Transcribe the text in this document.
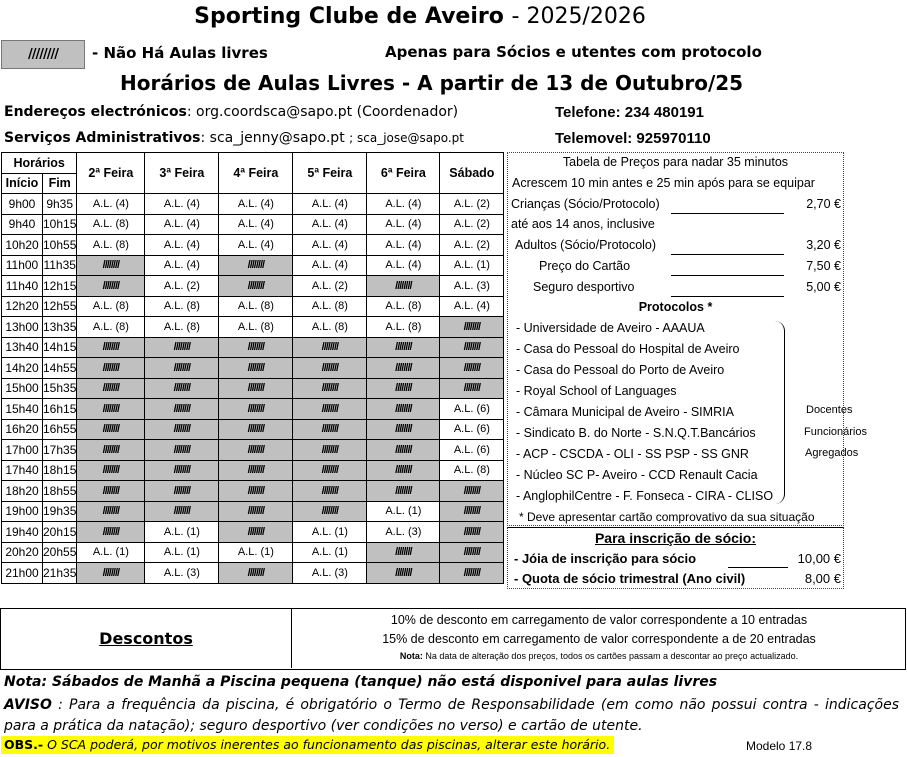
Sporting Clube de Aveiro - 2025/2026
////////	- Não Há Aulas livres	Apenas para Sócios e utentes com protocolo
Horários de Aulas Livres - A partir de 13 de Outubro/25
Endereços electrónicos: org.coordsca@sapo.pt (Coordenador)	Telefone: 234 480191
Serviços Administrativos: sca_jenny@sapo.pt ; sca_jose@sapo.pt	Telemovel: 925970110
Horários		2ª Feira	3ª Feira	4ª Feira	5ª Feira	6ª Feira	Sábado
Início	Fim						
9h00	9h35	A.L. (4)	A.L. (4)	A.L. (4)	A.L. (4)	A.L. (4)	A.L. (2)
9h40	10h15	A.L. (8)	A.L. (4)	A.L. (4)	A.L. (4)	A.L. (4)	A.L. (2)
10h20	10h55	A.L. (8)	A.L. (4)	A.L. (4)	A.L. (4)	A.L. (4)	A.L. (2)
11h00	11h35	////////	A.L. (4)	////////	A.L. (4)	A.L. (4)	A.L. (1)
11h40	12h15	////////	A.L. (2)	////////	A.L. (2)	////////	A.L. (3)
12h20	12h55	A.L. (8)	A.L. (8)	A.L. (8)	A.L. (8)	A.L. (8)	A.L. (4)
13h00	13h35	A.L. (8)	A.L. (8)	A.L. (8)	A.L. (8)	A.L. (8)	////////
13h40	14h15	////////	////////	////////	////////	////////	////////
14h20	14h55	////////	////////	////////	////////	////////	////////
15h00	15h35	////////	////////	////////	////////	////////	////////
15h40	16h15	////////	////////	////////	////////	////////	A.L. (6)
16h20	16h55	////////	////////	////////	////////	////////	A.L. (6)
17h00	17h35	////////	////////	////////	////////	////////	A.L. (6)
17h40	18h15	////////	////////	////////	////////	////////	A.L. (8)
18h20	18h55	////////	////////	////////	////////	////////	////////
19h00	19h35	////////	////////	////////	////////	A.L. (1)	////////
19h40	20h15	////////	A.L. (1)	////////	A.L. (1)	A.L. (3)	////////
20h20	20h55	A.L. (1)	A.L. (1)	A.L. (1)	A.L. (1)	////////	////////
21h00	21h35	////////	A.L. (3)	////////	A.L. (3)	////////	////////
Tabela de Preços para nadar 35 minutos
Acrescem 10 min antes e 25 min após para se equipar
Crianças (Sócio/Protocolo)	2,70 €
até aos 14 anos, inclusive
Adultos (Sócio/Protocolo)	3,20 €
Preço do Cartão	7,50 €
Seguro desportivo	5,00 €
Protocolos *
- Universidade de Aveiro - AAAUA
- Casa do Pessoal do Hospital de Aveiro
- Casa do Pessoal do Porto de Aveiro
- Royal School of Languages
- Câmara Municipal de Aveiro - SIMRIA
- Sindicato B. do Norte - S.N.Q.T.Bancários
- ACP - CSCDA - OLI - SS PSP - SS GNR
- Núcleo SC P- Aveiro - CCD Renault Cacia
- AnglophilCentre - F. Fonseca - CIRA - CLISO
* Deve apresentar cartão comprovativo da sua situação
Docentes
Funcionários
Agregados
Para inscrição de sócio:
- Jóia de inscrição para sócio	10,00 €
- Quota de sócio trimestral (Ano civil)	8,00 €
Descontos
10% de desconto em carregamento de valor correspondente a 10 entradas
15% de desconto em carregamento de valor correspondente a de 20 entradas
Nota: Na data de alteração dos preços, todos os cartões passam a descontar ao preço actualizado.
Nota: Sábados de Manhã a Piscina pequena (tanque) não está disponivel para aulas livres
AVISO : Para a frequência da piscina, é obrigatório o Termo de Responsabilidade (em como não possui contra - indicações para a prática da natação); seguro desportivo (ver condições no verso) e cartão de utente.
OBS.- O SCA poderá, por motivos inerentes ao funcionamento das piscinas, alterar este horário.	Modelo 17.8
